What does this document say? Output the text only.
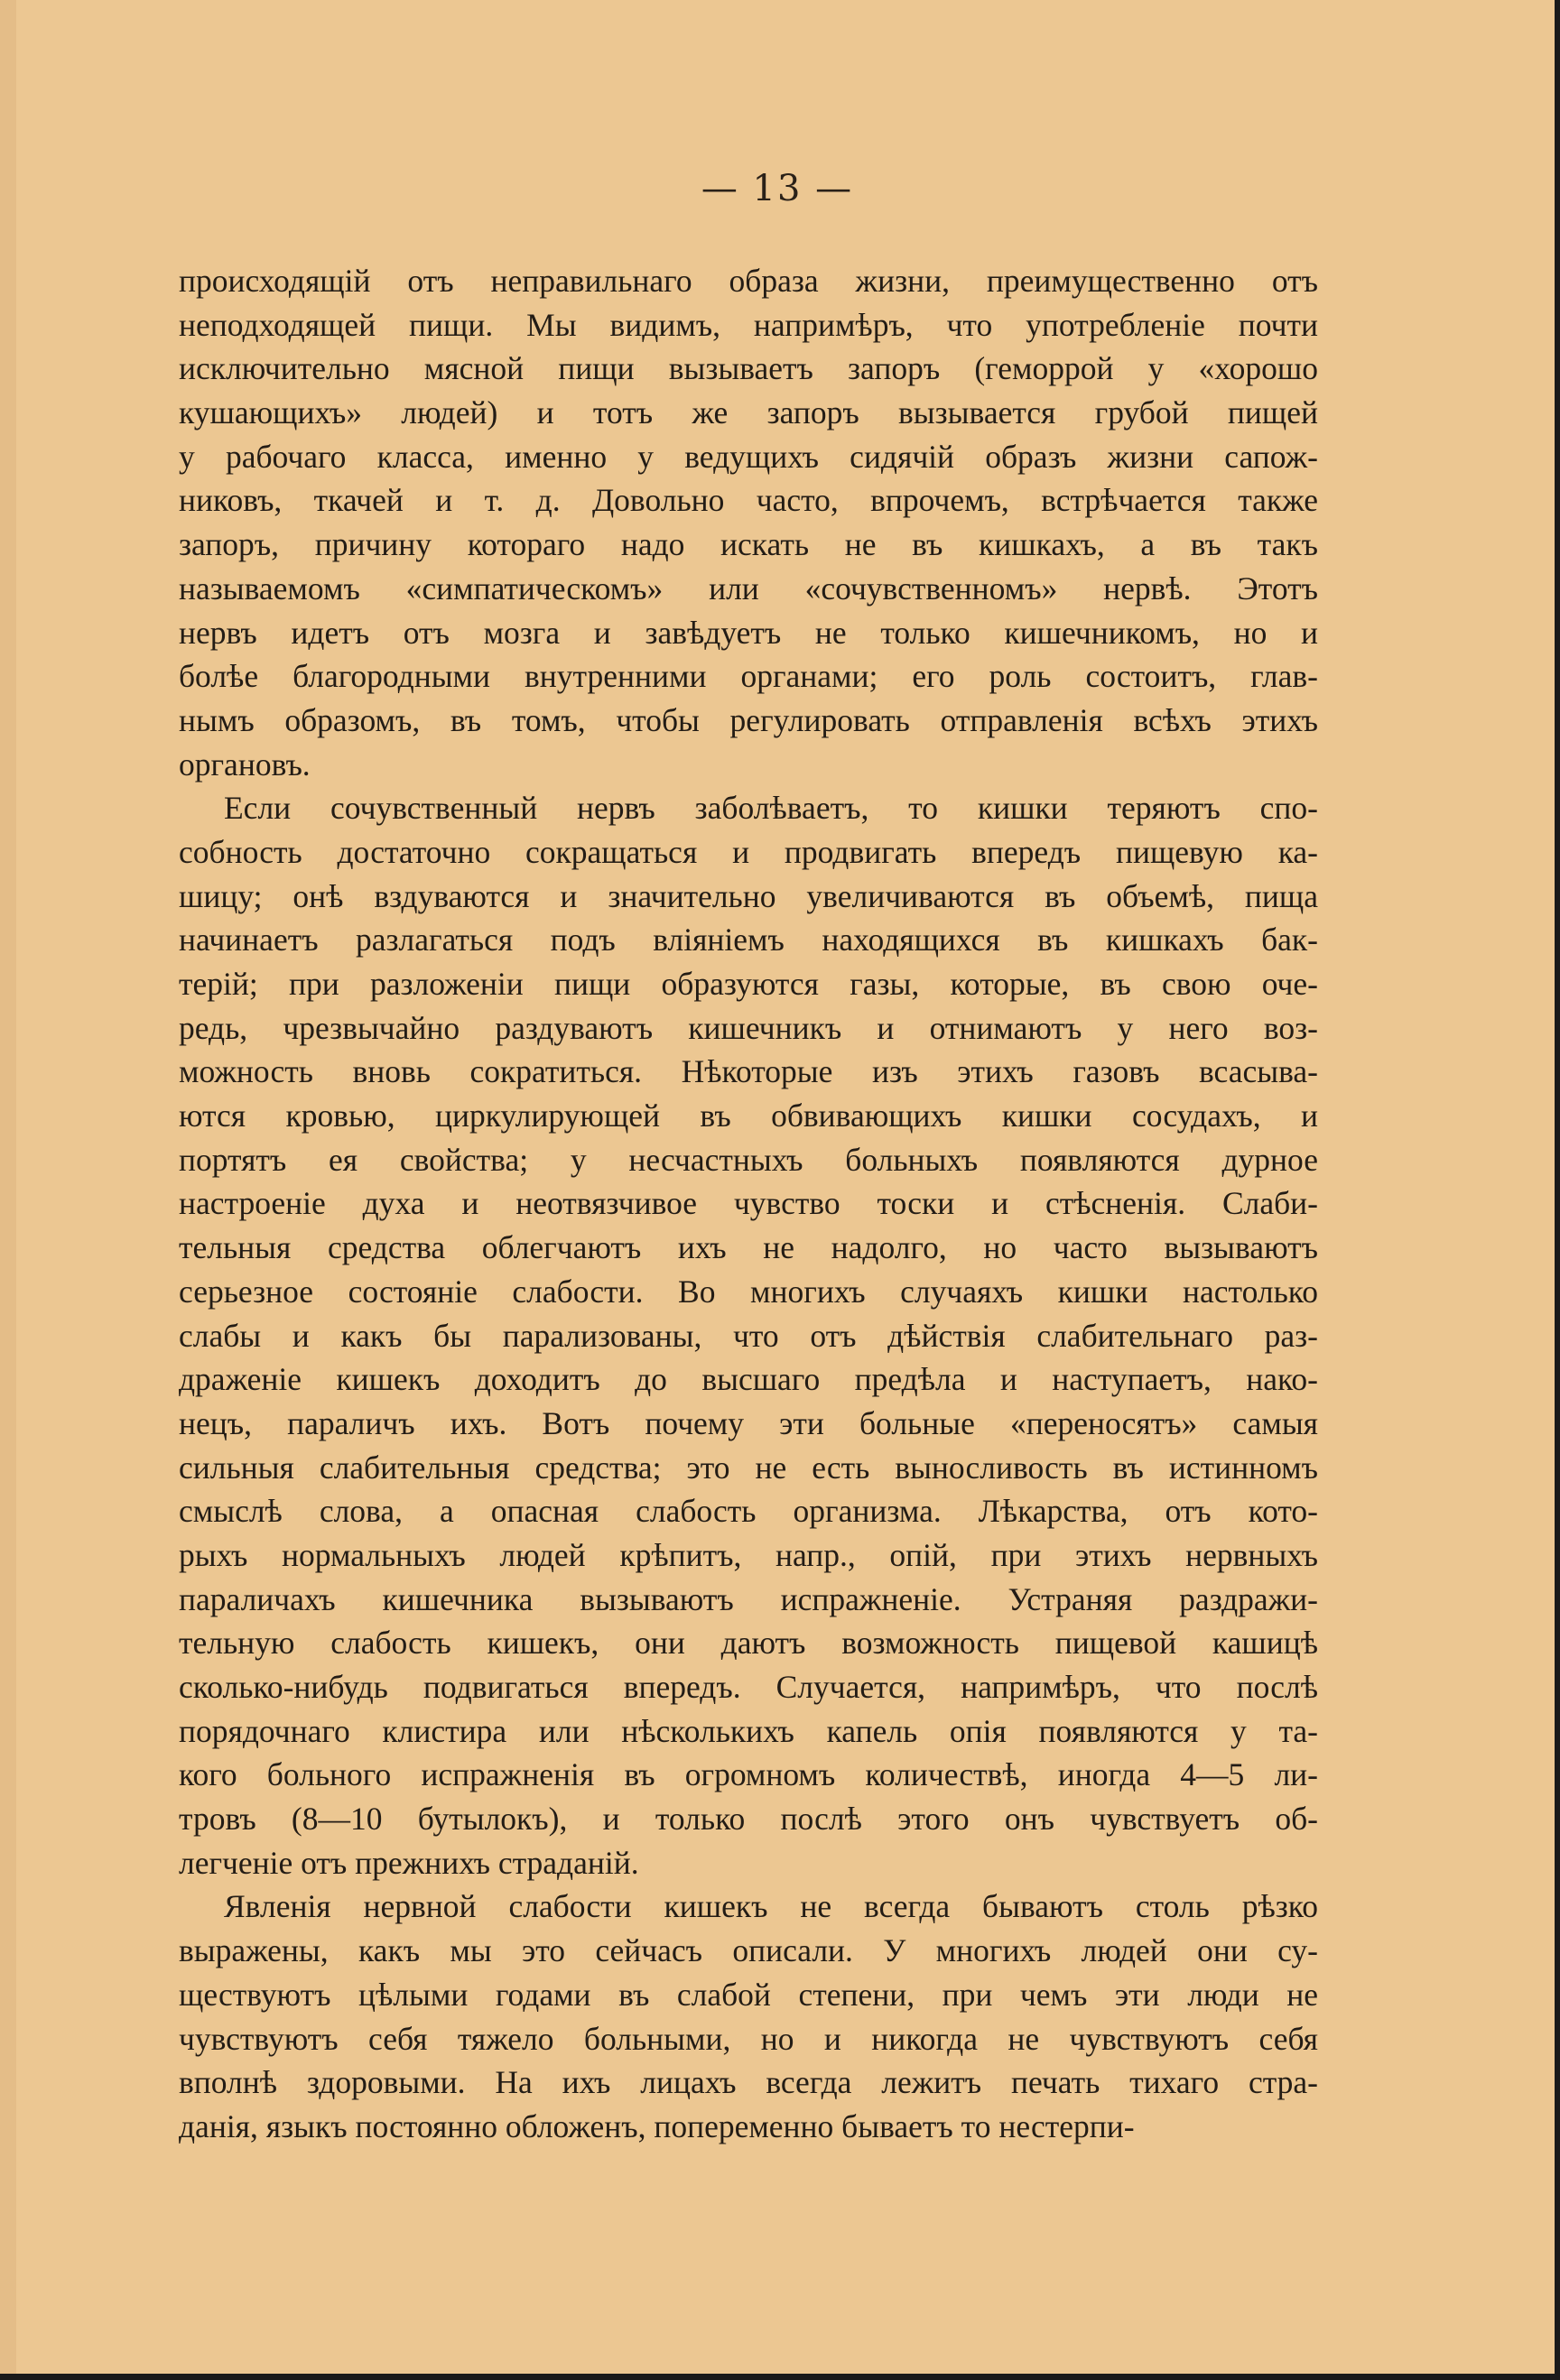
— 13 —
происходящiй отъ неправильнаго образа жизни, преимущественно отъ
неподходящей пищи. Мы видимъ, напримѣръ, что употребленiе почти
исключительно мясной пищи вызываетъ запоръ (геморрой у «хорошо
кушающихъ» людей) и тотъ же запоръ вызывается грубой пищей
у рабочаго класса, именно у ведущихъ сидячiй образъ жизни сапож-
никовъ, ткачей и т. д. Довольно часто, впрочемъ, встрѣчается также
запоръ, причину котораго надо искать не въ кишкахъ, а въ такъ
называемомъ «симпатическомъ» или «сочувственномъ» нервѣ. Этотъ
нервъ идетъ отъ мозга и завѣдуетъ не только кишечникомъ, но и
болѣе благородными внутренними органами; его роль состоитъ, глав-
нымъ образомъ, въ томъ, чтобы регулировать отправленiя всѣхъ этихъ
органовъ.
Если сочувственный нервъ заболѣваетъ, то кишки теряютъ спо-
собность достаточно сокращаться и продвигать впередъ пищевую ка-
шицу; онѣ вздуваются и значительно увеличиваются въ объемѣ, пища
начинаетъ разлагаться подъ влiянiемъ находящихся въ кишкахъ бак-
терiй; при разложенiи пищи образуются газы, которые, въ свою оче-
редь, чрезвычайно раздуваютъ кишечникъ и отнимаютъ у него воз-
можность вновь сократиться. Нѣкоторые изъ этихъ газовъ всасыва-
ются кровью, циркулирующей въ обвивающихъ кишки сосудахъ, и
портятъ ея свойства; у несчастныхъ больныхъ появляются дурное
настроенiе духа и неотвязчивое чувство тоски и стѣсненiя. Слаби-
тельныя средства облегчаютъ ихъ не надолго, но часто вызываютъ
серьезное состоянiе слабости. Во многихъ случаяхъ кишки настолько
слабы и какъ бы парализованы, что отъ дѣйствiя слабительнаго раз-
драженiе кишекъ доходитъ до высшаго предѣла и наступаетъ, нако-
нецъ, параличъ ихъ. Вотъ почему эти больные «переносятъ» самыя
сильныя слабительныя средства; это не есть выносливость въ истинномъ
смыслѣ слова, а опасная слабость организма. Лѣкарства, отъ кото-
рыхъ нормальныхъ людей крѣпитъ, напр., опiй, при этихъ нервныхъ
параличахъ кишечника вызываютъ испражненiе. Устраняя раздражи-
тельную слабость кишекъ, они даютъ возможность пищевой кашицѣ
сколько-нибудь подвигаться впередъ. Случается, напримѣръ, что послѣ
порядочнаго клистира или нѣсколькихъ капель опiя появляются у та-
кого больного испражненiя въ огромномъ количествѣ, иногда 4—5 ли-
тровъ (8—10 бутылокъ), и только послѣ этого онъ чувствуетъ об-
легченiе отъ прежнихъ страданiй.
Явленiя нервной слабости кишекъ не всегда бываютъ столь рѣзко
выражены, какъ мы это сейчасъ описали. У многихъ людей они су-
ществуютъ цѣлыми годами въ слабой степени, при чемъ эти люди не
чувствуютъ себя тяжело больными, но и никогда не чувствуютъ себя
вполнѣ здоровыми. На ихъ лицахъ всегда лежитъ печать тихаго стра-
данiя, языкъ постоянно обложенъ, попеременно бываетъ то нестерпи-
